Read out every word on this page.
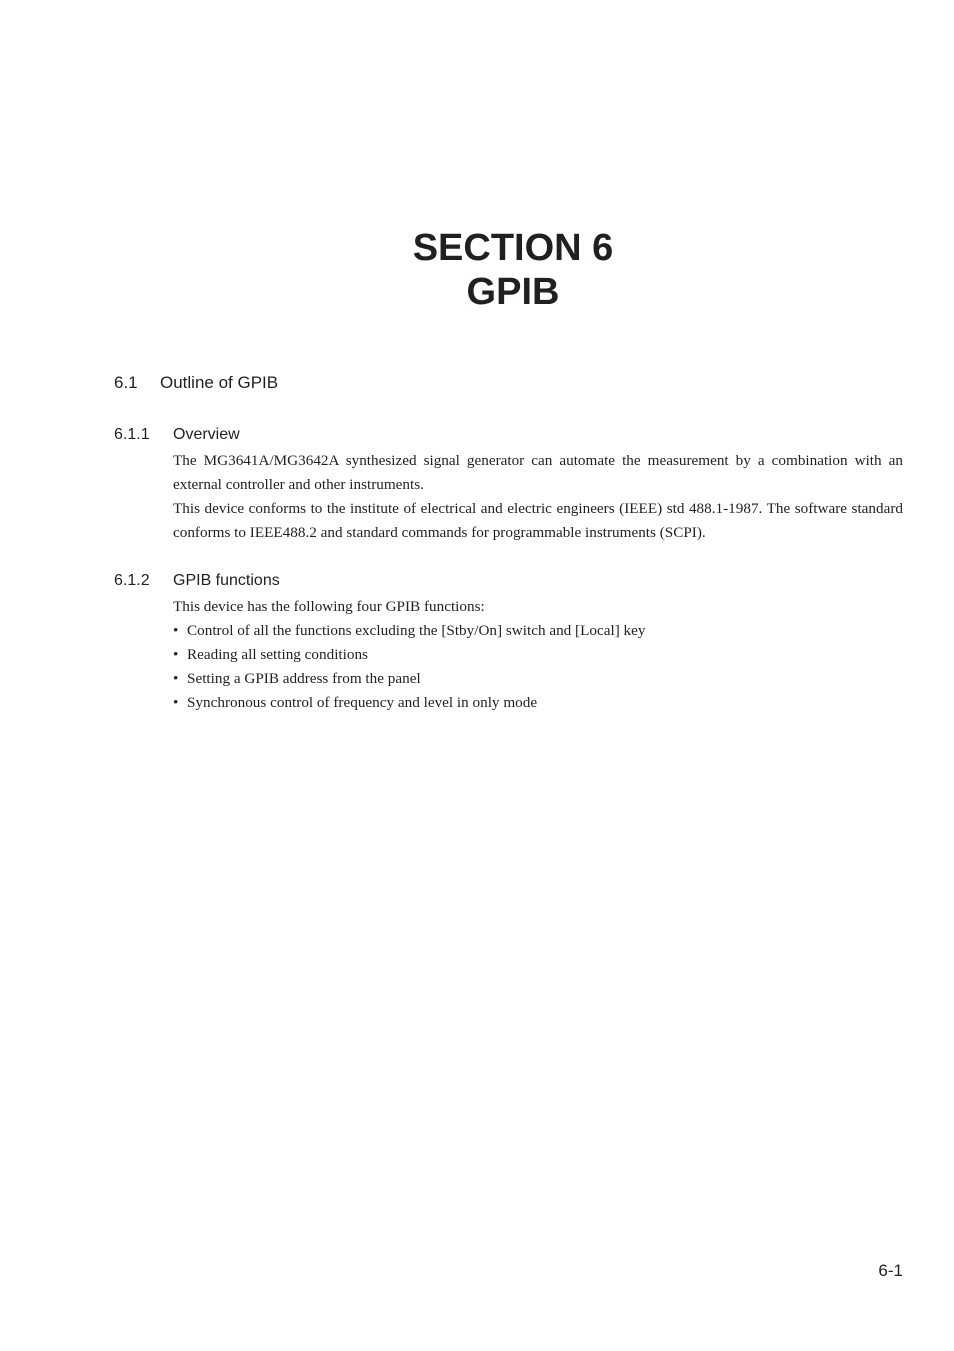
SECTION 6
GPIB
6.1 Outline of GPIB
6.1.1 Overview

The MG3641A/MG3642A synthesized signal generator can automate the measurement by a combination with an external controller and other instruments.

This device conforms to the institute of electrical and electric engineers (IEEE) std 488.1-1987. The software standard conforms to IEEE488.2 and standard commands for programmable instruments (SCPI).

6.1.2 GPIB functions

This device has the following four GPIB functions:

• Control of all the functions excluding the [Stby/On] switch and [Local] key
• Reading all setting conditions
• Setting a GPIB address from the panel
• Synchronous control of frequency and level in only mode
6-1
